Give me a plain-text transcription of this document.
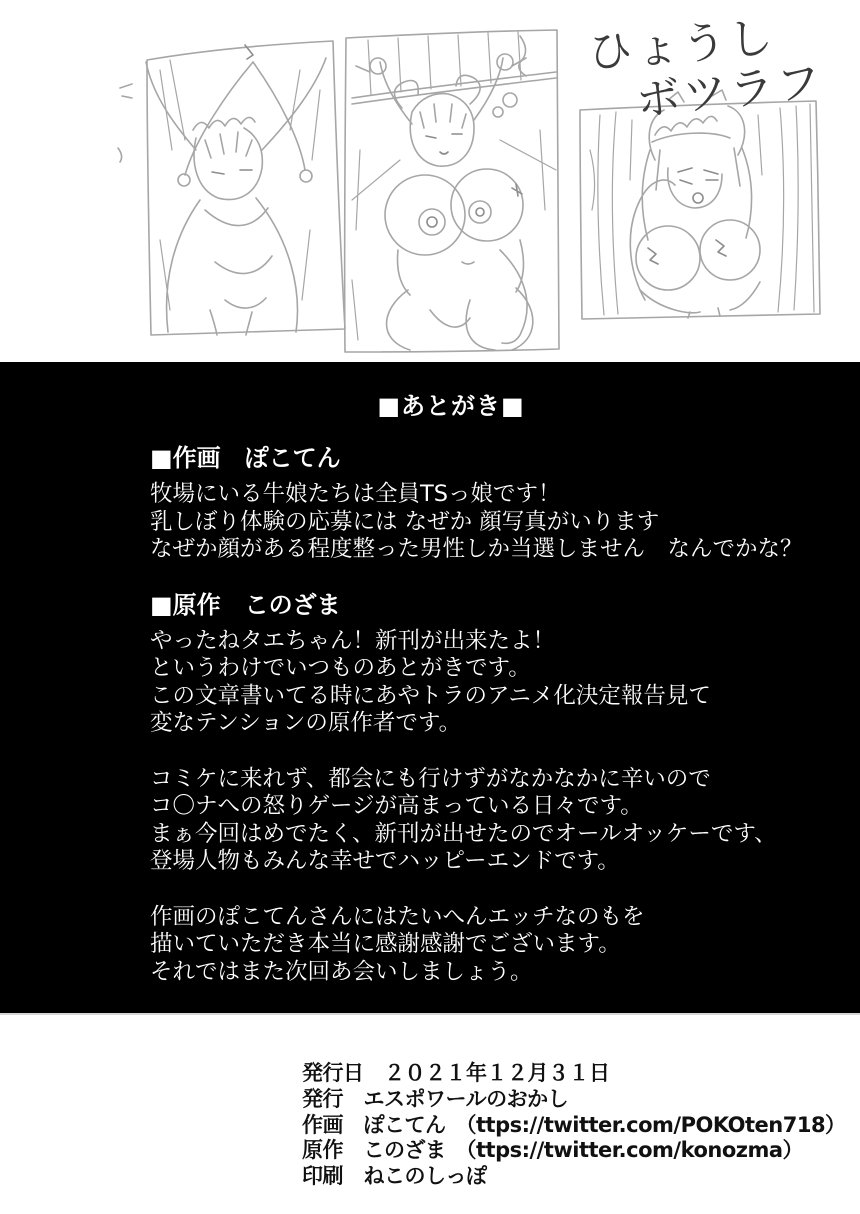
ひょうし
ボツラフ
■あとがき■
■作画　ぽこてん
牧場にいる牛娘たちは全員TSっ娘です！
乳しぼり体験の応募には なぜか 顔写真がいります
なぜか顔がある程度整った男性しか当選しません　なんでかな？
■原作　このざま
やったねタエちゃん！新刊が出来たよ！
というわけでいつものあとがきです。
この文章書いてる時にあやトラのアニメ化決定報告見て
変なテンションの原作者です。
コミケに来れず、都会にも行けずがなかなかに辛いので
コ〇ナへの怒りゲージが高まっている日々です。
まぁ今回はめでたく、新刊が出せたのでオールオッケーです、
登場人物もみんな幸せでハッピーエンドです。
作画のぽこてんさんにはたいへんエッチなのもを
描いていただき本当に感謝感謝でございます。
それではまた次回あ会いしましょう。
発行日　２０２１年１２月３１日
発行　エスポワールのおかし
作画　ぽこてん　（ttps://twitter.com/POKOten718）
原作　このざま　（ttps://twitter.com/konozma）
印刷　ねこのしっぽ
